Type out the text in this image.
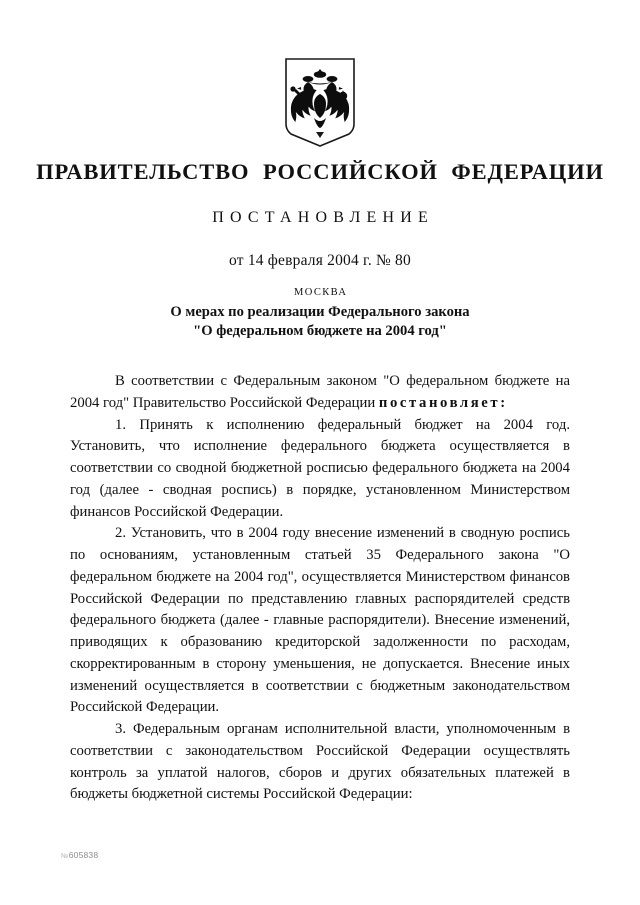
ПРАВИТЕЛЬСТВО РОССИЙСКОЙ ФЕДЕРАЦИИ
ПОСТАНОВЛЕНИЕ
от 14 февраля 2004 г. № 80
МОСКВА
О мерах по реализации Федерального закона
"О федеральном бюджете на 2004 год"

В соответствии с Федеральным законом "О федеральном бюджете на 2004 год" Правительство Российской Федерации постановляет:

1. Принять к исполнению федеральный бюджет на 2004 год. Установить, что исполнение федерального бюджета осуществляется в соответствии со сводной бюджетной росписью федерального бюджета на 2004 год (далее - сводная роспись) в порядке, установленном Министерством финансов Российской Федерации.

2. Установить, что в 2004 году внесение изменений в сводную роспись по основаниям, установленным статьей 35 Федерального закона "О федеральном бюджете на 2004 год", осуществляется Министерством финансов Российской Федерации по представлению главных распорядителей средств федерального бюджета (далее - главные распорядители). Внесение изменений, приводящих к образованию кредиторской задолженности по расходам, скорректированным в сторону уменьшения, не допускается. Внесение иных изменений осуществляется в соответствии с бюджетным законодательством Российской Федерации.

3. Федеральным органам исполнительной власти, уполномоченным в соответствии с законодательством Российской Федерации осуществлять контроль за уплатой налогов, сборов и других обязательных платежей в бюджеты бюджетной системы Российской Федерации:

№605838
